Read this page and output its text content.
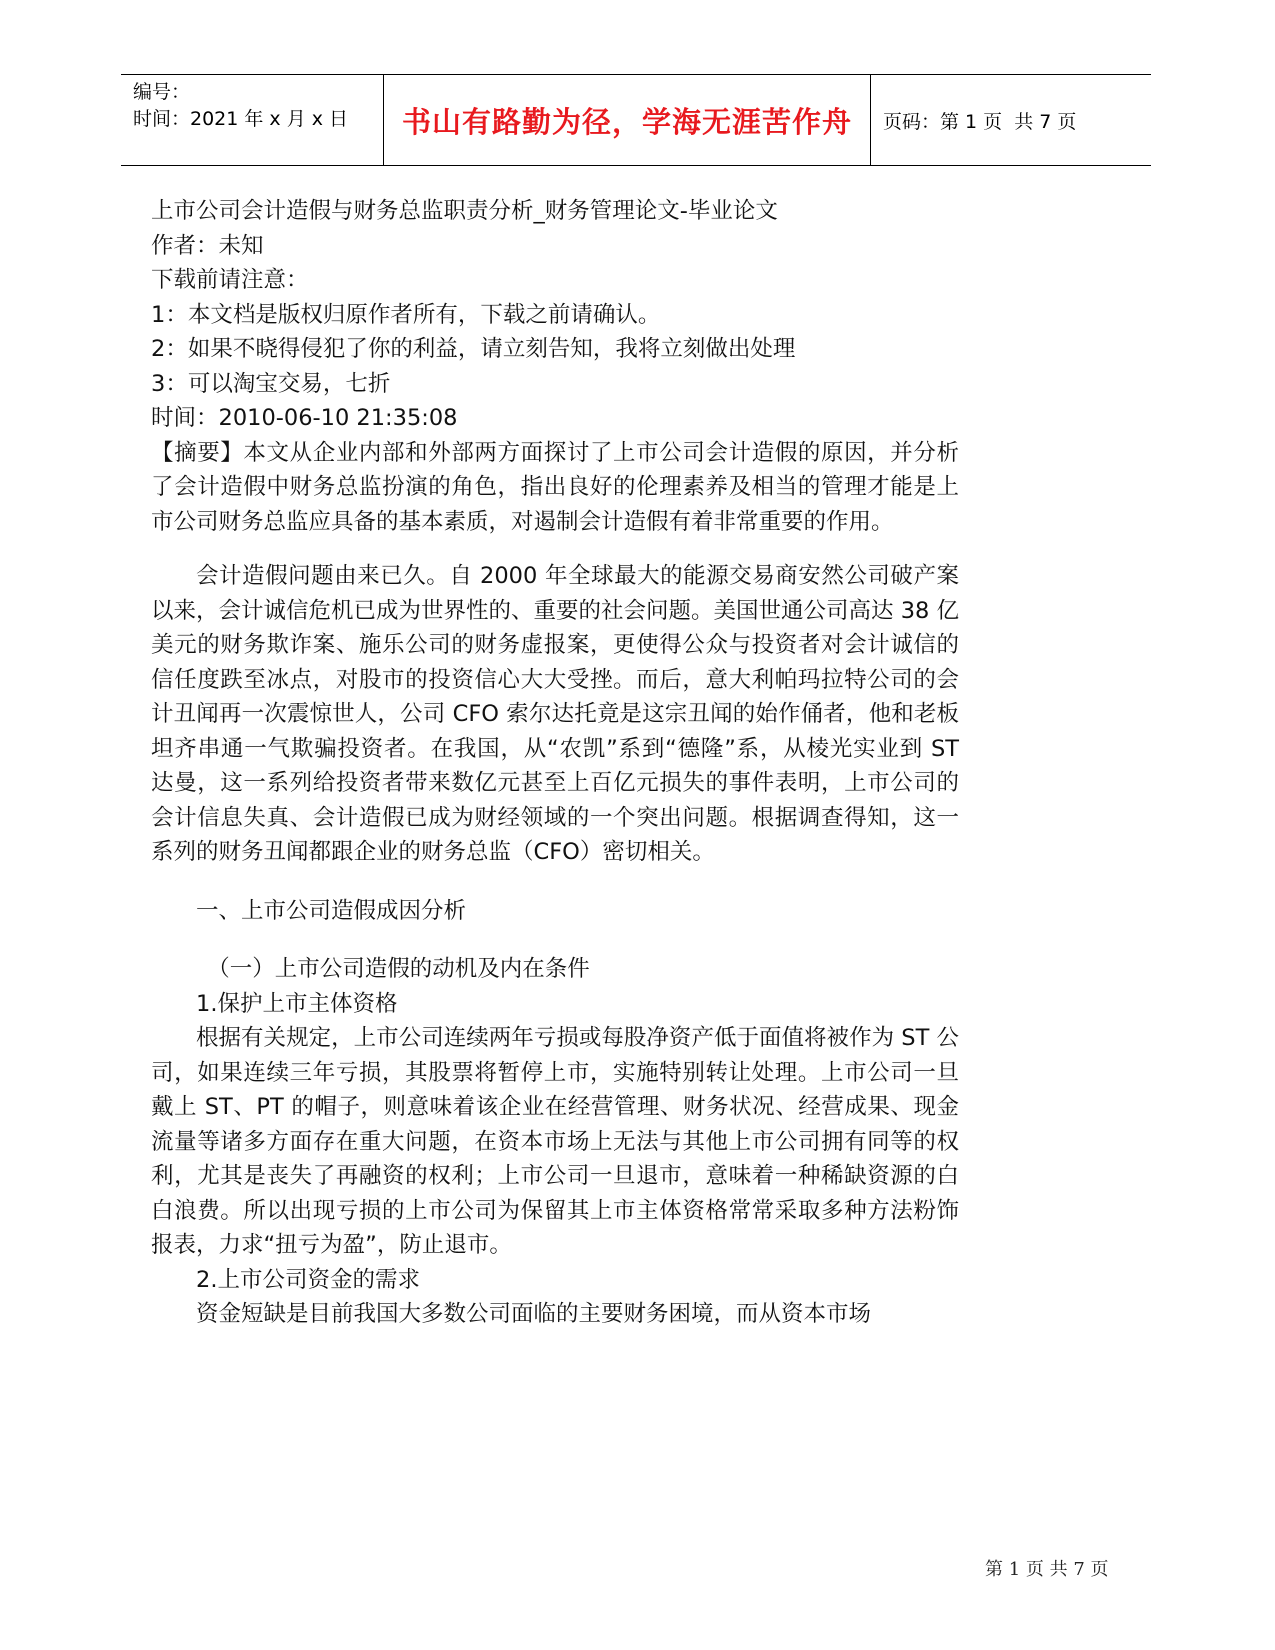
编号：
时间：2021 年 x 月 x 日	书山有路勤为径，学海无涯苦作舟	页码：第 1 页  共 7 页

上市公司会计造假与财务总监职责分析_财务管理论文-毕业论文

作者：未知

下载前请注意：

1：本文档是版权归原作者所有，下载之前请确认。

2：如果不晓得侵犯了你的利益，请立刻告知，我将立刻做出处理

3：可以淘宝交易，七折

时间：2010-06-10 21:35:08

【摘要】本文从企业内部和外部两方面探讨了上市公司会计造假的原因，并分析了会计造假中财务总监扮演的角色，指出良好的伦理素养及相当的管理才能是上市公司财务总监应具备的基本素质，对遏制会计造假有着非常重要的作用。

会计造假问题由来已久。自 2000 年全球最大的能源交易商安然公司破产案以来，会计诚信危机已成为世界性的、重要的社会问题。美国世通公司高达 38 亿美元的财务欺诈案、施乐公司的财务虚报案，更使得公众与投资者对会计诚信的信任度跌至冰点，对股市的投资信心大大受挫。而后，意大利帕玛拉特公司的会计丑闻再一次震惊世人，公司 CFO 索尔达托竟是这宗丑闻的始作俑者，他和老板坦齐串通一气欺骗投资者。在我国，从“农凯”系到“德隆”系，从棱光实业到 ST 达曼，这一系列给投资者带来数亿元甚至上百亿元损失的事件表明，上市公司的会计信息失真、会计造假已成为财经领域的一个突出问题。根据调查得知，这一系列的财务丑闻都跟企业的财务总监（CFO）密切相关。

一、上市公司造假成因分析

（一）上市公司造假的动机及内在条件

1.保护上市主体资格

根据有关规定，上市公司连续两年亏损或每股净资产低于面值将被作为 ST 公司，如果连续三年亏损，其股票将暂停上市，实施特别转让处理。上市公司一旦戴上 ST、PT 的帽子，则意味着该企业在经营管理、财务状况、经营成果、现金流量等诸多方面存在重大问题，在资本市场上无法与其他上市公司拥有同等的权利，尤其是丧失了再融资的权利；上市公司一旦退市，意味着一种稀缺资源的白白浪费。所以出现亏损的上市公司为保留其上市主体资格常常采取多种方法粉饰报表，力求“扭亏为盈”，防止退市。

2.上市公司资金的需求

资金短缺是目前我国大多数公司面临的主要财务困境，而从资本市场

第 1 页 共 7 页
